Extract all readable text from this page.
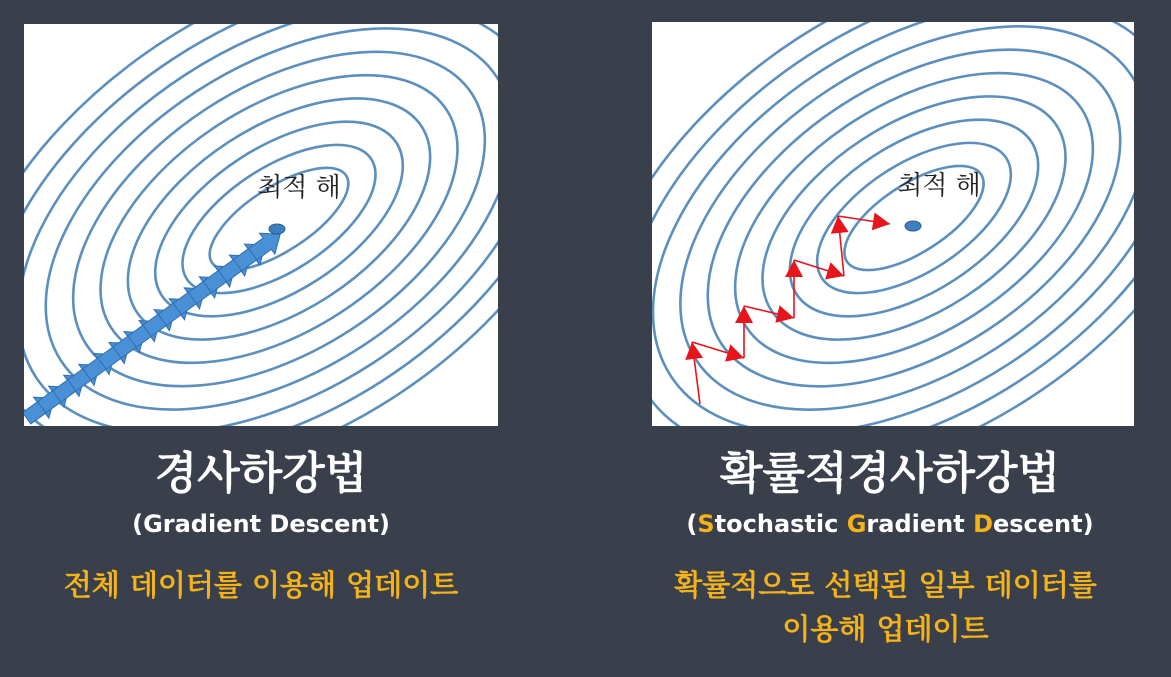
최적 해	최적 해
경사하강법
(Gradient Descent)
전체 데이터를 이용해 업데이트
확률적경사하강법
(Stochastic Gradient Descent)
확률적으로 선택된 일부 데이터를
이용해 업데이트
